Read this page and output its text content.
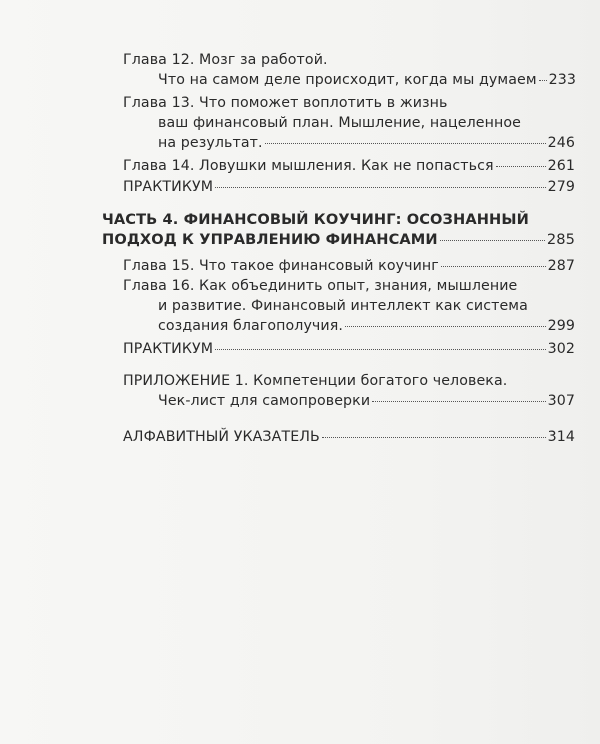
Глава 12. Мозг за работой.
Что на самом деле происходит, когда мы думаем 233
Глава 13. Что поможет воплотить в жизнь
ваш финансовый план. Мышление, нацеленное
на результат.	246
Глава 14. Ловушки мышления. Как не попасться	261
ПРАКТИКУМ	279
ЧАСТЬ 4. ФИНАНСОВЫЙ КОУЧИНГ: ОСОЗНАННЫЙ
ПОДХОД К УПРАВЛЕНИЮ ФИНАНСАМИ	285
Глава 15. Что такое финансовый коучинг	287
Глава 16. Как объединить опыт, знания, мышление
и развитие. Финансовый интеллект как система
создания благополучия.	299
ПРАКТИКУМ	302
ПРИЛОЖЕНИЕ 1. Компетенции богатого человека.
Чек-лист для самопроверки	307
АЛФАВИТНЫЙ УКАЗАТЕЛЬ	314
